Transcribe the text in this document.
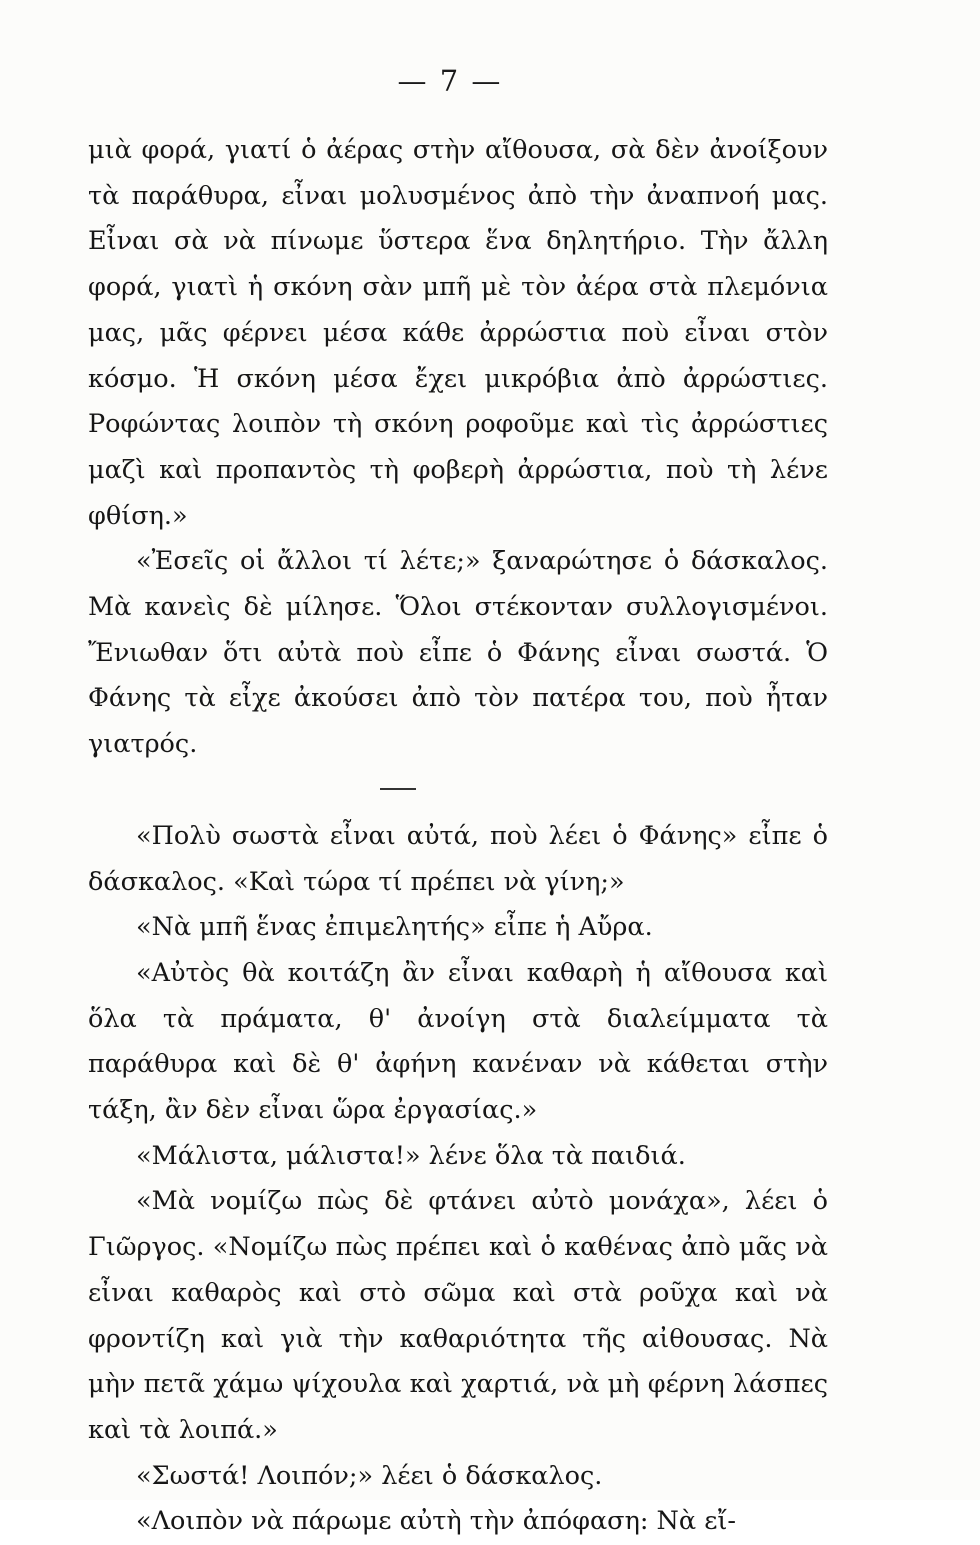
— 7 —

μιὰ φορά, γιατί ὁ ἀέρας στὴν αἴθουσα, σὰ δὲν ἀνοίξουν τὰ παράθυρα, εἶναι μολυσμένος ἀπὸ τὴν ἀναπνοή μας. Εἶναι σὰ νὰ πίνωμε ὕστερα ἕνα δηλητήριο. Τὴν ἄλλη φορά, γιατὶ ἡ σκόνη σὰν μπῆ μὲ τὸν ἀέρα στὰ πλεμόνια μας, μᾶς φέρνει μέσα κάθε ἀρρώστια ποὺ εἶναι στὸν κόσμο. Ἡ σκόνη μέσα ἔχει μικρόβια ἀπὸ ἀρρώστιες. Ροφώντας λοιπὸν τὴ σκόνη ροφοῦμε καὶ τὶς ἀρρώστιες μαζὶ καὶ προπαντὸς τὴ φοβερὴ ἀρρώστια, ποὺ τὴ λένε φθίση.»

«Ἐσεῖς οἱ ἄλλοι τί λέτε;» ξαναρώτησε ὁ δάσκαλος. Μὰ κανεὶς δὲ μίλησε. Ὅλοι στέκονταν συλλογισμένοι. Ἔνιωθαν ὅτι αὐτὰ ποὺ εἶπε ὁ Φάνης εἶναι σωστά. Ὁ Φάνης τὰ εἶχε ἀκούσει ἀπὸ τὸν πατέρα του, ποὺ ἦταν γιατρός.

«Πολὺ σωστὰ εἶναι αὐτά, ποὺ λέει ὁ Φάνης» εἶπε ὁ δάσκαλος. «Καὶ τώρα τί πρέπει νὰ γίνη;»

«Νὰ μπῆ ἕνας ἐπιμελητής» εἶπε ἡ Αὔρα.

«Αὐτὸς θὰ κοιτάζη ἂν εἶναι καθαρὴ ἡ αἴθουσα καὶ ὅλα τὰ πράματα, θ' ἀνοίγη στὰ διαλείμματα τὰ παράθυρα καὶ δὲ θ' ἀφήνη κανέναν νὰ κάθεται στὴν τάξη, ἂν δὲν εἶναι ὥρα ἐργασίας.»

«Μάλιστα, μάλιστα!» λένε ὅλα τὰ παιδιά.

«Μὰ νομίζω πὼς δὲ φτάνει αὐτὸ μονάχα», λέει ὁ Γιῶργος. «Νομίζω πὼς πρέπει καὶ ὁ καθένας ἀπὸ μᾶς νὰ εἶναι καθαρὸς καὶ στὸ σῶμα καὶ στὰ ροῦχα καὶ νὰ φροντίζη καὶ γιὰ τὴν καθαριότητα τῆς αἰθουσας. Νὰ μὴν πετᾶ χάμω ψίχουλα καὶ χαρτιά, νὰ μὴ φέρνη λάσπες καὶ τὰ λοιπά.»

«Σωστά! Λοιπόν;» λέει ὁ δάσκαλος.

«Λοιπὸν νὰ πάρωμε αὐτὴ τὴν ἀπόφαση: Νὰ εἴ-
